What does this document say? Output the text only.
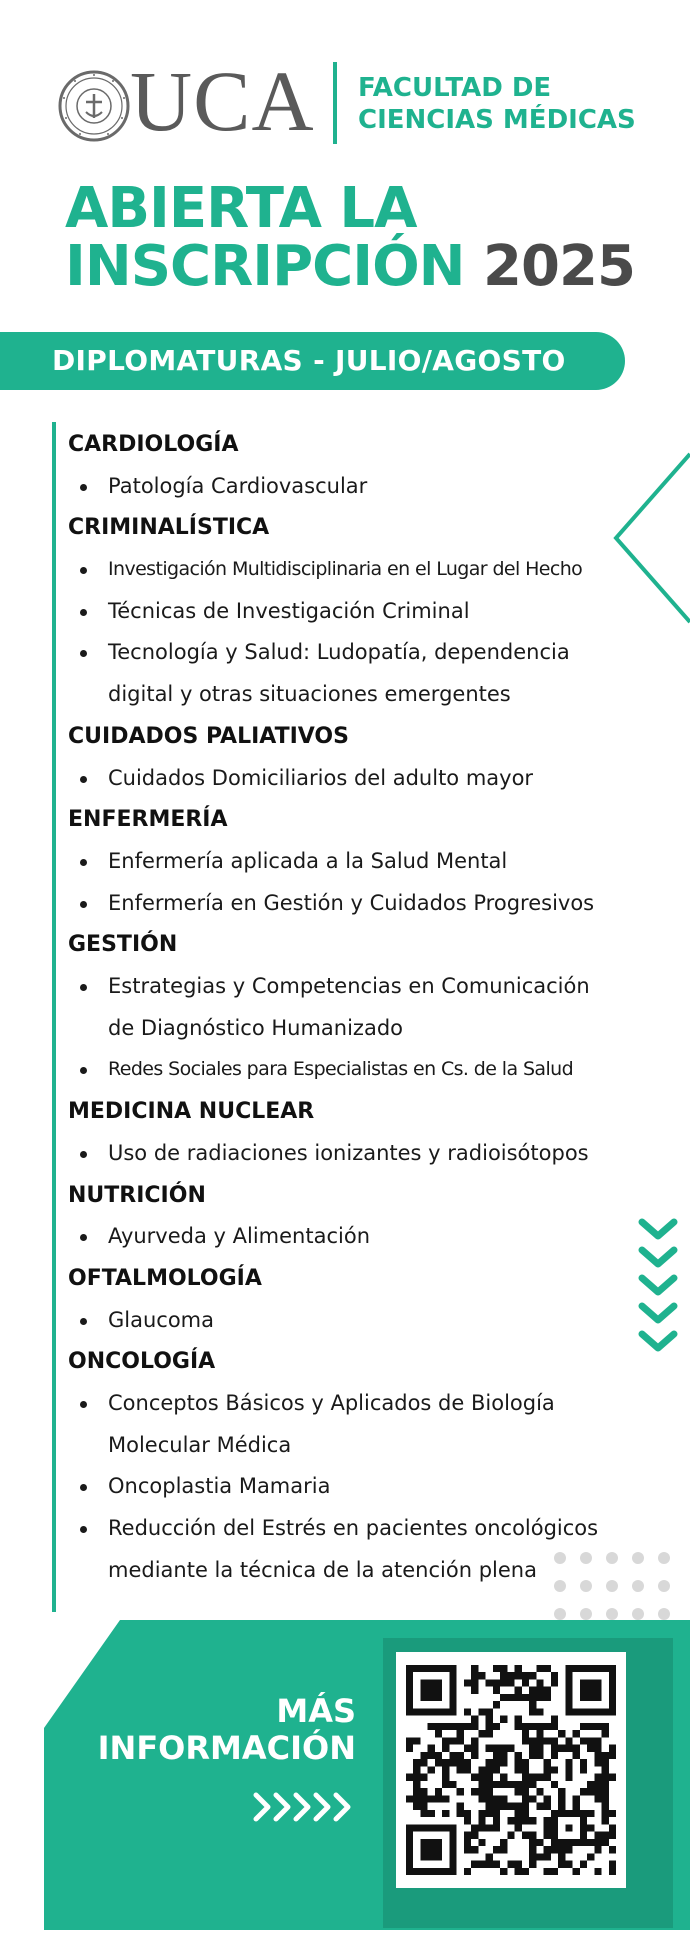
UCA FACULTAD DE
CIENCIAS MÉDICAS
ABIERTA LA
INSCRIPCIÓN 2025
DIPLOMATURAS - JULIO/AGOSTO
CARDIOLOGÍA
Patología Cardiovascular
CRIMINALÍSTICA
Investigación Multidisciplinaria en el Lugar del Hecho
Técnicas de Investigación Criminal
Tecnología y Salud: Ludopatía, dependencia
digital y otras situaciones emergentes
CUIDADOS PALIATIVOS
Cuidados Domiciliarios del adulto mayor
ENFERMERÍA
Enfermería aplicada a la Salud Mental
Enfermería en Gestión y Cuidados Progresivos
GESTIÓN
Estrategias y Competencias en Comunicación
de Diagnóstico Humanizado
Redes Sociales para Especialistas en Cs. de la Salud
MEDICINA NUCLEAR
Uso de radiaciones ionizantes y radioisótopos
NUTRICIÓN
Ayurveda y Alimentación
OFTALMOLOGÍA
Glaucoma
ONCOLOGÍA
Conceptos Básicos y Aplicados de Biología
Molecular Médica
Oncoplastia Mamaria
Reducción del Estrés en pacientes oncológicos
mediante la técnica de la atención plena
MÁS
INFORMACIÓN
